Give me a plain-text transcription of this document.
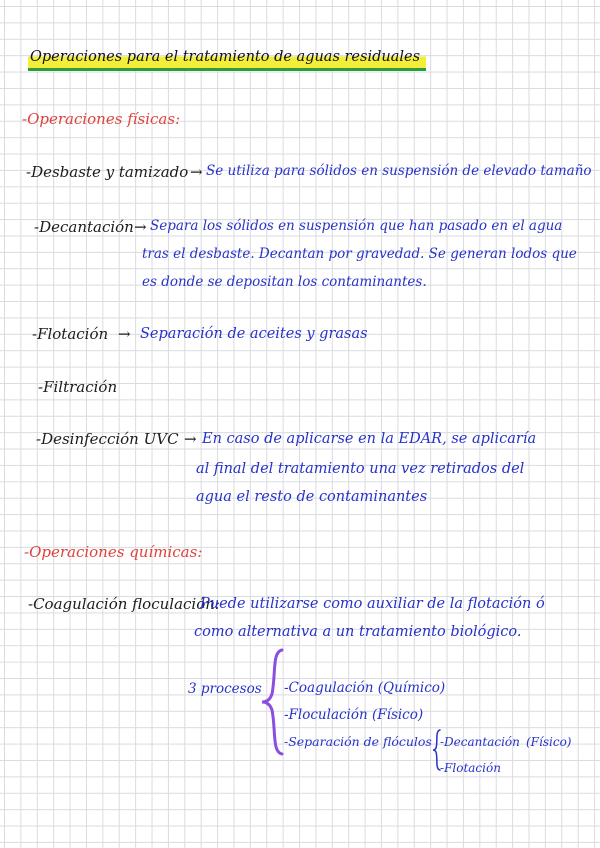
Operaciones para el tratamiento de aguas residuales
-Operaciones físicas:
-Desbaste y tamizado → Se utiliza para sólidos en suspensión de elevado tamaño
-Decantación → Separa los sólidos en suspensión que han pasado en el agua
tras el desbaste. Decantan por gravedad. Se generan lodos que
es donde se depositan los contaminantes.
-Flotación → Separación de aceites y grasas
-Filtración
-Desinfección UVC → En caso de aplicarse en la EDAR, se aplicaría
al final del tratamiento una vez retirados del
agua el resto de contaminantes
-Operaciones químicas:
-Coagulación floculación:
Puede utilizarse como auxiliar de la flotación ó
como alternativa a un tratamiento biológico.
3 procesos -Coagulación (Químico)
-Floculación (Físico)
-Separación de flóculos -Decantación (Físico)
-Flotación
